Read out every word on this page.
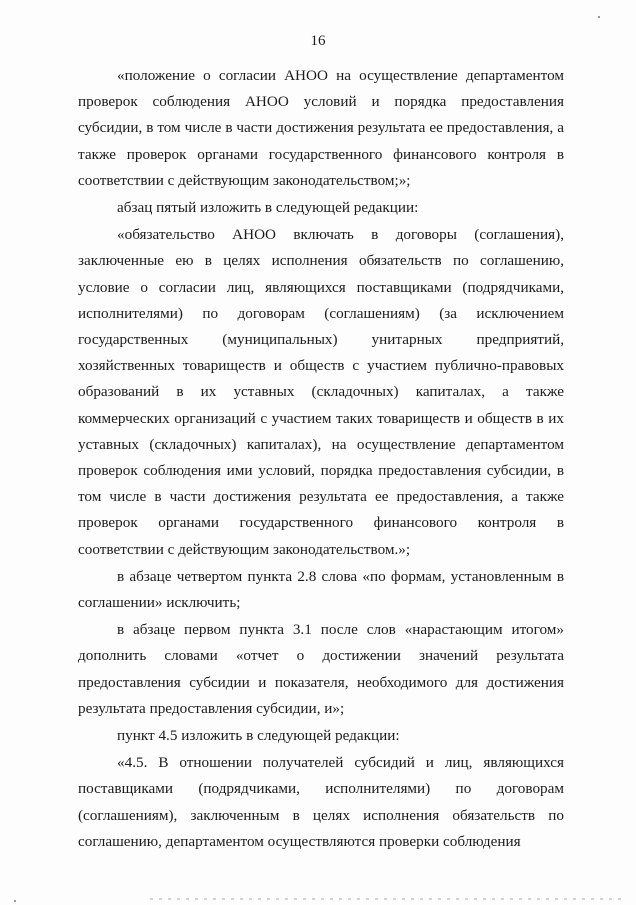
16

«положение о согласии АНОО на осуществление департаментом проверок соблюдения АНОО условий и порядка предоставления субсидии, в том числе в части достижения результата ее предоставления, а также проверок органами государственного финансового контроля в соответствии с действующим законодательством;»;

абзац пятый изложить в следующей редакции:

«обязательство АНОО включать в договоры (соглашения), заключенные ею в целях исполнения обязательств по соглашению, условие о согласии лиц, являющихся поставщиками (подрядчиками, исполнителями) по договорам (соглашениям) (за исключением государственных (муниципальных) унитарных предприятий, хозяйственных товариществ и обществ с участием публично-правовых образований в их уставных (складочных) капиталах, а также коммерческих организаций с участием таких товариществ и обществ в их уставных (складочных) капиталах), на осуществление департаментом проверок соблюдения ими условий, порядка предоставления субсидии, в том числе в части достижения результата ее предоставления, а также проверок органами государственного финансового контроля в соответствии с действующим законодательством.»;

в абзаце четвертом пункта 2.8 слова «по формам, установленным в соглашении» исключить;

в абзаце первом пункта 3.1 после слов «нарастающим итогом» дополнить словами «отчет о достижении значений результата предоставления субсидии и показателя, необходимого для достижения результата предоставления субсидии, и»;

пункт 4.5 изложить в следующей редакции:

«4.5. В отношении получателей субсидий и лиц, являющихся поставщиками (подрядчиками, исполнителями) по договорам (соглашениям), заключенным в целях исполнения обязательств по соглашению, департаментом осуществляются проверки соблюдения
